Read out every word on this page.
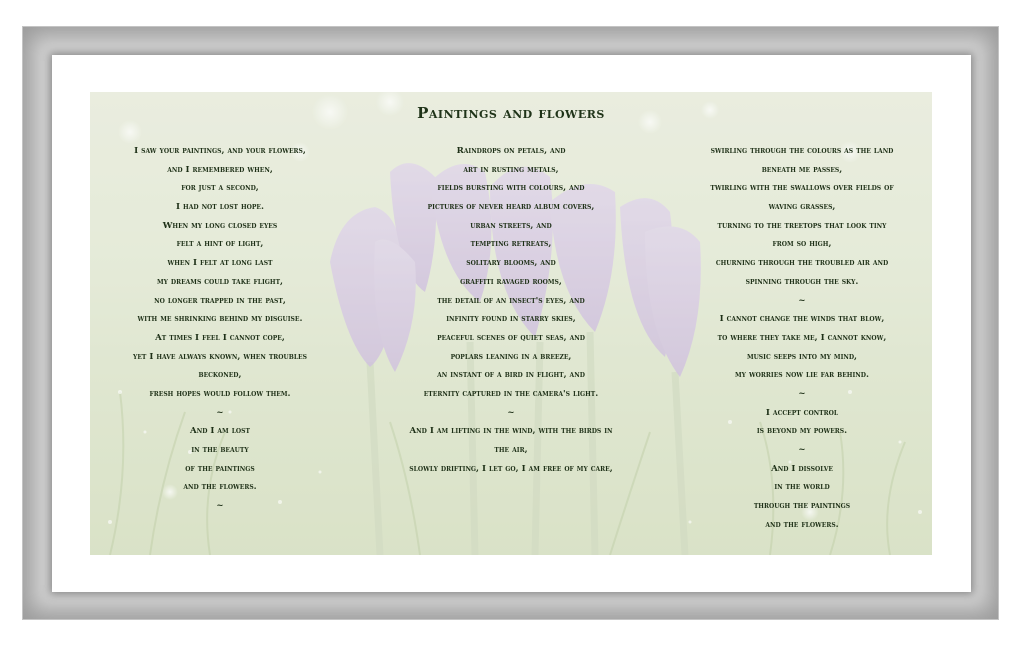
Paintings and flowers
I saw your paintings, and your flowers,
and I remembered when,
for just a second,
I had not lost hope.
When my long closed eyes
felt a hint of light,
when I felt at long last
my dreams could take flight,
no longer trapped in the past,
with me shrinking behind my disguise.
At times I feel I cannot cope,
yet I have always known, when troubles
beckoned,
fresh hopes would follow them.
~
And I am lost
in the beauty
of the paintings
and the flowers.
~
Raindrops on petals, and
art in rusting metals,
fields bursting with colours, and
pictures of never heard album covers,
urban streets, and
tempting retreats,
solitary blooms, and
graffiti ravaged rooms,
the detail of an insect's eyes, and
infinity found in starry skies,
peaceful scenes of quiet seas, and
poplars leaning in a breeze,
an instant of a bird in flight, and
eternity captured in the camera's light.
~
And I am lifting in the wind, with the birds in
the air,
slowly drifting, I let go, I am free of my care,
swirling through the colours as the land
beneath me passes,
twirling with the swallows over fields of
waving grasses,
turning to the treetops that look tiny
from so high,
churning through the troubled air and
spinning through the sky.
~
I cannot change the winds that blow,
to where they take me, I cannot know,
music seeps into my mind,
my worries now lie far behind.
~
I accept control
is beyond my powers.
~
And I dissolve
in the world
through the paintings
and the flowers.
